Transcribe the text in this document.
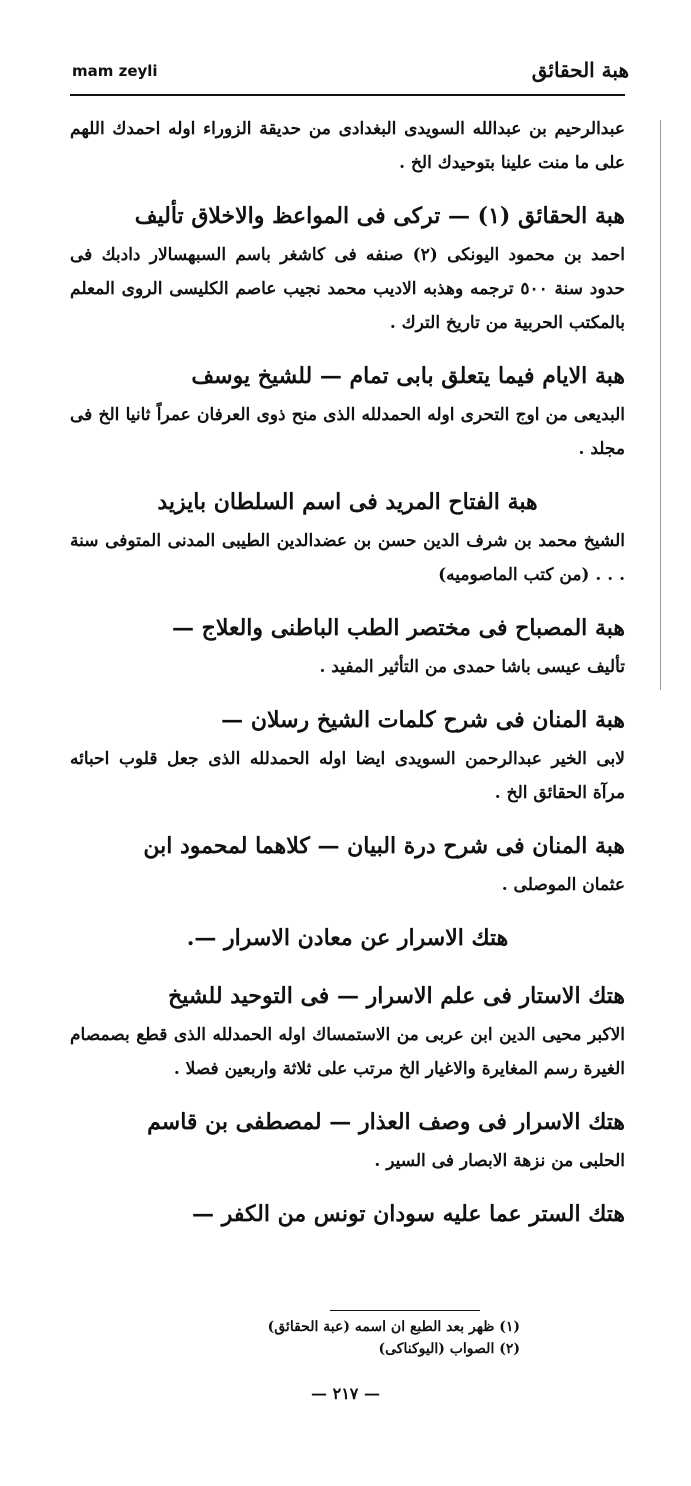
هبة الحقائق
mam zeyli
عبدالرحيم بن عبدالله السويدى البغدادى من حديقة الزوراء اوله احمدك اللهم على ما منت علينا بتوحيدك الخ .
هبة الحقائق (١) — تركى فى المواعظ والاخلاق تأليف
احمد بن محمود اليونكى (٢) صنفه فى كاشغر باسم السبهسالار دادبك فى حدود سنة ٥٠٠ ترجمه وهذبه الاديب محمد نجيب عاصم الكليسى الروى المعلم بالمكتب الحربية من تاريخ الترك .
هبة الايام فيما يتعلق بابى تمام — للشيخ يوسف
البديعى من اوج التحرى اوله الحمدلله الذى منح ذوى العرفان عمراً ثانيا الخ فى مجلد .
هبة الفتاح المريد فى اسم السلطان بايزيد
الشيخ محمد بن شرف الدين حسن بن عضدالدين الطيبى المدنى المتوفى سنة . . . (من كتب الماصوميه)
هبة المصباح فى مختصر الطب الباطنى والعلاج —
تأليف عيسى باشا حمدى من التأثير المفيد .
هبة المنان فى شرح كلمات الشيخ رسلان —
لابى الخير عبدالرحمن السويدى ايضا اوله الحمدلله الذى جعل قلوب احبائه مرآة الحقائق الخ .
هبة المنان فى شرح درة البيان — كلاهما لمحمود ابن
عثمان الموصلى .
هتك الاسرار عن معادن الاسرار —.
هتك الاستار فى علم الاسرار — فى التوحيد للشيخ
الاكبر محيى الدين ابن عربى من الاستمساك اوله الحمدلله الذى قطع بصمصام الغيرة رسم المغايرة والاغيار الخ مرتب على ثلاثة واربعين فصلا .
هتك الاسرار فى وصف العذار — لمصطفى بن قاسم
الحلبى من نزهة الابصار فى السير .
هتك الستر عما عليه سودان تونس من الكفر —
(١) ظهر بعد الطبع ان اسمه (عبة الحقائق)
(٢) الصواب (اليوكناكى)
— ٢١٧ —
